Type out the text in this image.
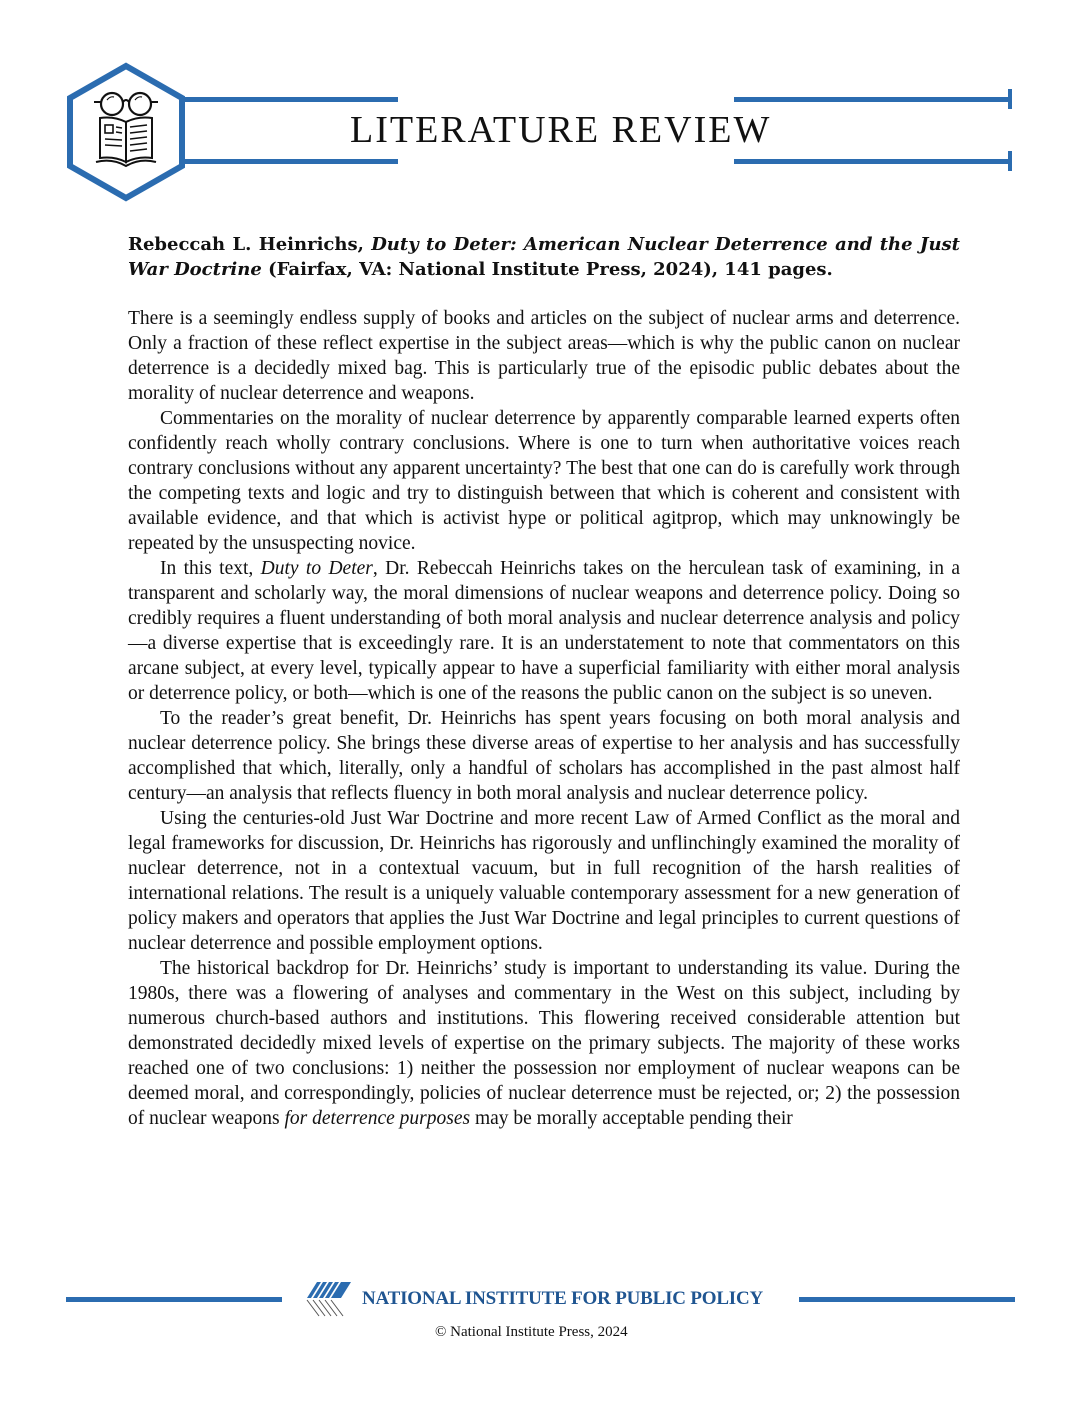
LITERATURE REVIEW
Rebeccah L. Heinrichs, Duty to Deter: American Nuclear Deterrence and the Just War Doctrine (Fairfax, VA: National Institute Press, 2024), 141 pages.

There is a seemingly endless supply of books and articles on the subject of nuclear arms and deterrence. Only a fraction of these reflect expertise in the subject areas—which is why the public canon on nuclear deterrence is a decidedly mixed bag. This is particularly true of the episodic public debates about the morality of nuclear deterrence and weapons.

Commentaries on the morality of nuclear deterrence by apparently comparable learned experts often confidently reach wholly contrary conclusions. Where is one to turn when authoritative voices reach contrary conclusions without any apparent uncertainty? The best that one can do is carefully work through the competing texts and logic and try to distinguish between that which is coherent and consistent with available evidence, and that which is activist hype or political agitprop, which may unknowingly be repeated by the unsuspecting novice.

In this text, Duty to Deter, Dr. Rebeccah Heinrichs takes on the herculean task of examining, in a transparent and scholarly way, the moral dimensions of nuclear weapons and deterrence policy. Doing so credibly requires a fluent understanding of both moral analysis and nuclear deterrence analysis and policy—a diverse expertise that is exceedingly rare. It is an understatement to note that commentators on this arcane subject, at every level, typically appear to have a superficial familiarity with either moral analysis or deterrence policy, or both—which is one of the reasons the public canon on the subject is so uneven.

To the reader’s great benefit, Dr. Heinrichs has spent years focusing on both moral analysis and nuclear deterrence policy. She brings these diverse areas of expertise to her analysis and has successfully accomplished that which, literally, only a handful of scholars has accomplished in the past almost half century—an analysis that reflects fluency in both moral analysis and nuclear deterrence policy.

Using the centuries-old Just War Doctrine and more recent Law of Armed Conflict as the moral and legal frameworks for discussion, Dr. Heinrichs has rigorously and unflinchingly examined the morality of nuclear deterrence, not in a contextual vacuum, but in full recognition of the harsh realities of international relations. The result is a uniquely valuable contemporary assessment for a new generation of policy makers and operators that applies the Just War Doctrine and legal principles to current questions of nuclear deterrence and possible employment options.

The historical backdrop for Dr. Heinrichs’ study is important to understanding its value. During the 1980s, there was a flowering of analyses and commentary in the West on this subject, including by numerous church-based authors and institutions. This flowering received considerable attention but demonstrated decidedly mixed levels of expertise on the primary subjects. The majority of these works reached one of two conclusions: 1) neither the possession nor employment of nuclear weapons can be deemed moral, and correspondingly, policies of nuclear deterrence must be rejected, or; 2) the possession of nuclear weapons for deterrence purposes may be morally acceptable pending their

NATIONAL INSTITUTE FOR PUBLIC POLICY
© National Institute Press, 2024
